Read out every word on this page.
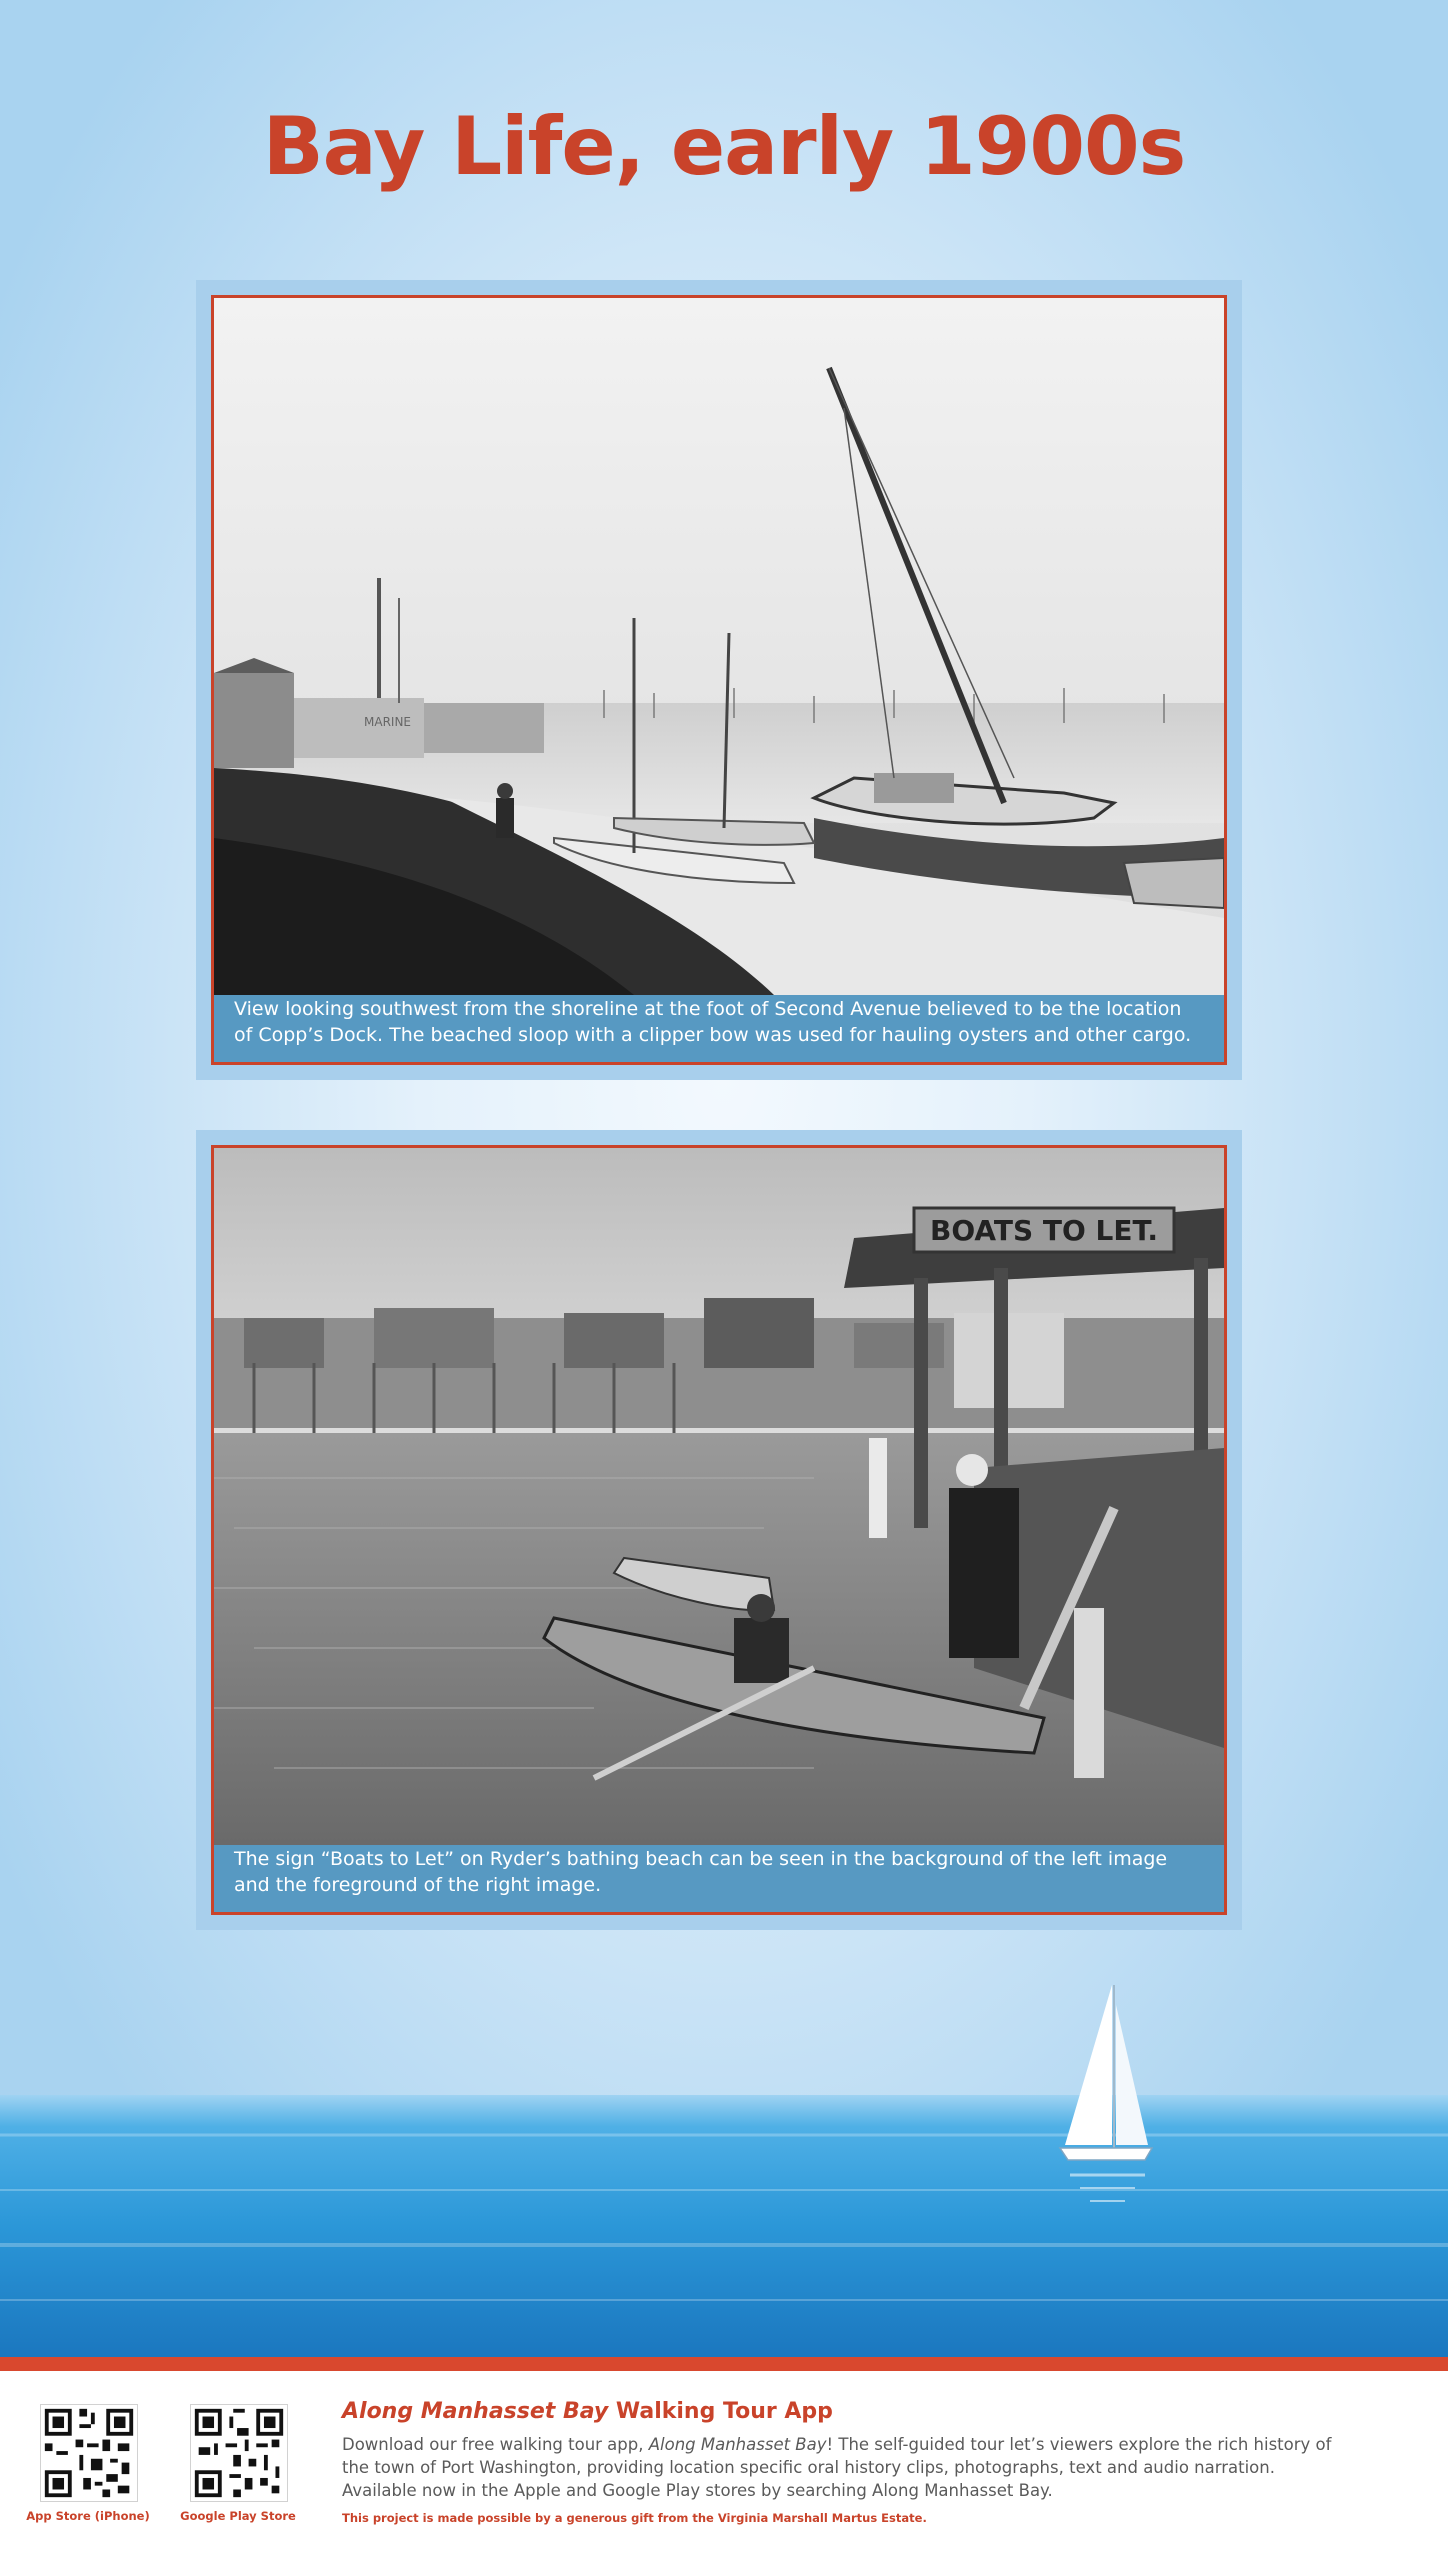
Bay Life, early 1900s
MARINE
View looking southwest from the shoreline at the foot of Second Avenue believed to be the location of Copp’s Dock. The beached sloop with a clipper bow was used for hauling oysters and other cargo.
BOATS TO LET.
The sign “Boats to Let” on Ryder’s bathing beach can be seen in the background of the left image and the foreground of the right image.
App Store (iPhone)	Google Play Store
Along Manhasset Bay Walking Tour App
Download our free walking tour app, Along Manhasset Bay! The self-guided tour let’s viewers explore the rich history of the town of Port Washington, providing location specific oral history clips, photographs, text and audio narration. Available now in the Apple and Google Play stores by searching Along Manhasset Bay.
This project is made possible by a generous gift from the Virginia Marshall Martus Estate.
